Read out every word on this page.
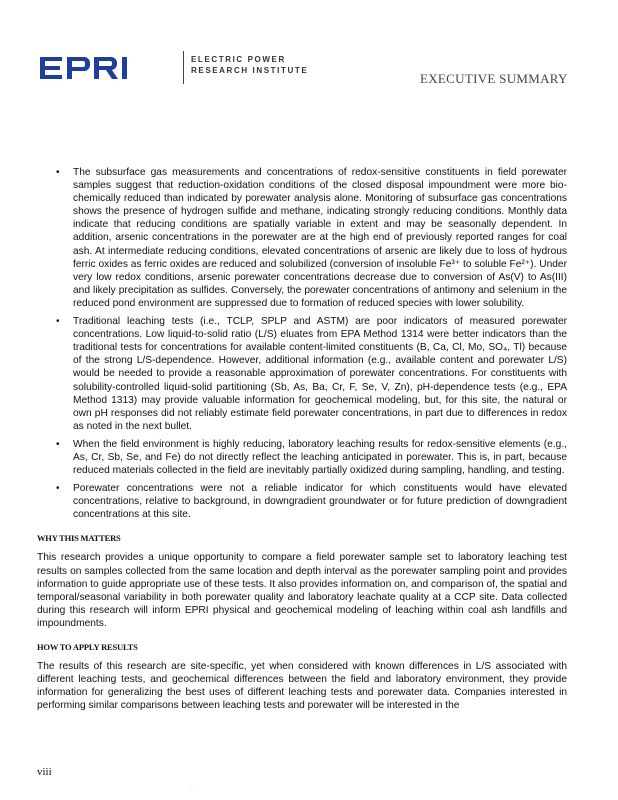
ELECTRIC POWER
RESEARCH INSTITUTE
EXECUTIVE SUMMARY
• The subsurface gas measurements and concentrations of redox-sensitive constituents in field porewater samples suggest that reduction-oxidation conditions of the closed disposal impoundment were more bio-chemically reduced than indicated by porewater analysis alone. Monitoring of subsurface gas concentrations shows the presence of hydrogen sulfide and methane, indicating strongly reducing conditions. Monthly data indicate that reducing conditions are spatially variable in extent and may be seasonally dependent. In addition, arsenic concentrations in the porewater are at the high end of previously reported ranges for coal ash. At intermediate reducing conditions, elevated concentrations of arsenic are likely due to loss of hydrous ferric oxides as ferric oxides are reduced and solubilized (conversion of insoluble Fe³⁺ to soluble Fe²⁺). Under very low redox conditions, arsenic porewater concentrations decrease due to conversion of As(V) to As(III) and likely precipitation as sulfides. Conversely, the porewater concentrations of antimony and selenium in the reduced pond environment are suppressed due to formation of reduced species with lower solubility.
• Traditional leaching tests (i.e., TCLP, SPLP and ASTM) are poor indicators of measured porewater concentrations. Low liquid-to-solid ratio (L/S) eluates from EPA Method 1314 were better indicators than the traditional tests for concentrations for available content-limited constituents (B, Ca, Cl, Mo, SO₄, Tl) because of the strong L/S-dependence. However, additional information (e.g., available content and porewater L/S) would be needed to provide a reasonable approximation of porewater concentrations. For constituents with solubility-controlled liquid-solid partitioning (Sb, As, Ba, Cr, F, Se, V, Zn), pH-dependence tests (e.g., EPA Method 1313) may provide valuable information for geochemical modeling, but, for this site, the natural or own pH responses did not reliably estimate field porewater concentrations, in part due to differences in redox as noted in the next bullet.
• When the field environment is highly reducing, laboratory leaching results for redox-sensitive elements (e.g., As, Cr, Sb, Se, and Fe) do not directly reflect the leaching anticipated in porewater. This is, in part, because reduced materials collected in the field are inevitably partially oxidized during sampling, handling, and testing.
• Porewater concentrations were not a reliable indicator for which constituents would have elevated concentrations, relative to background, in downgradient groundwater or for future prediction of downgradient concentrations at this site.
WHY THIS MATTERS

This research provides a unique opportunity to compare a field porewater sample set to laboratory leaching test results on samples collected from the same location and depth interval as the porewater sampling point and provides information to guide appropriate use of these tests. It also provides information on, and comparison of, the spatial and temporal/seasonal variability in both porewater quality and laboratory leachate quality at a CCP site. Data collected during this research will inform EPRI physical and geochemical modeling of leaching within coal ash landfills and impoundments.

HOW TO APPLY RESULTS

The results of this research are site-specific, yet when considered with known differences in L/S associated with different leaching tests, and geochemical differences between the field and laboratory environment, they provide information for generalizing the best uses of different leaching tests and porewater data. Companies interested in performing similar comparisons between leaching tests and porewater will be interested in the

viii
· ·
